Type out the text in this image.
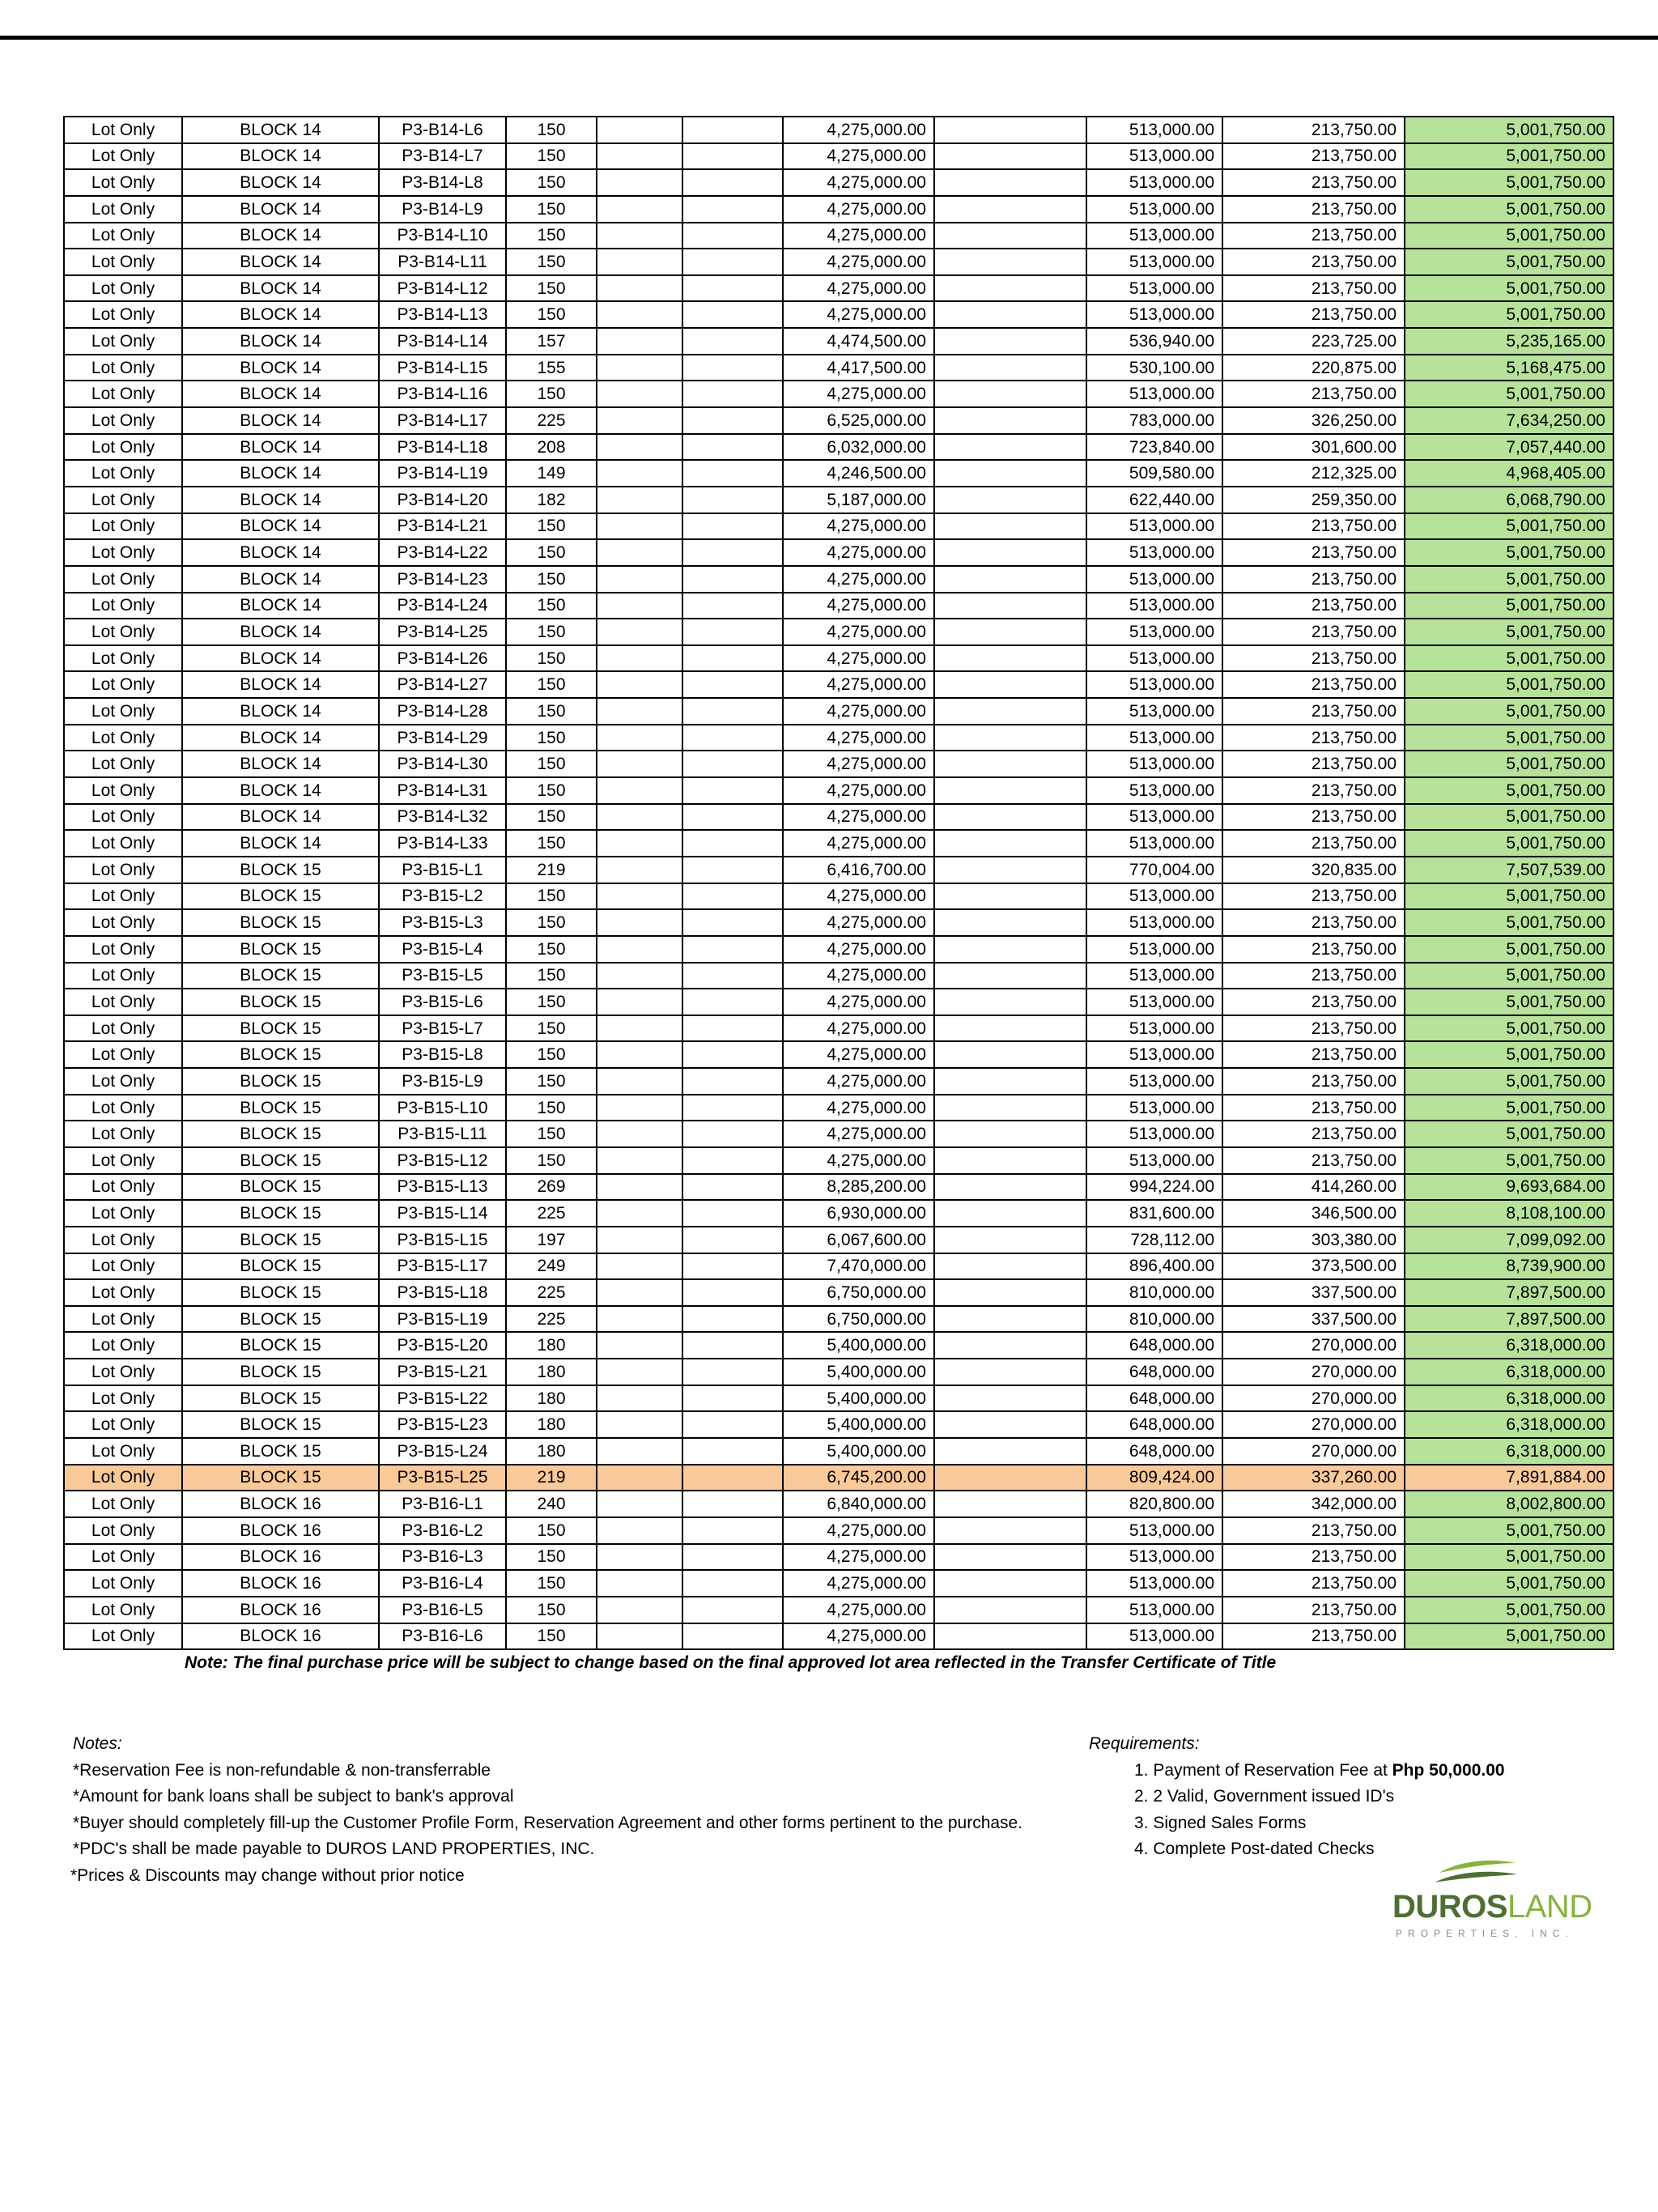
Lot Only	BLOCK 14	P3-B14-L6	150			4,275,000.00		513,000.00	213,750.00	5,001,750.00
Lot Only	BLOCK 14	P3-B14-L7	150			4,275,000.00		513,000.00	213,750.00	5,001,750.00
Lot Only	BLOCK 14	P3-B14-L8	150			4,275,000.00		513,000.00	213,750.00	5,001,750.00
Lot Only	BLOCK 14	P3-B14-L9	150			4,275,000.00		513,000.00	213,750.00	5,001,750.00
Lot Only	BLOCK 14	P3-B14-L10	150			4,275,000.00		513,000.00	213,750.00	5,001,750.00
Lot Only	BLOCK 14	P3-B14-L11	150			4,275,000.00		513,000.00	213,750.00	5,001,750.00
Lot Only	BLOCK 14	P3-B14-L12	150			4,275,000.00		513,000.00	213,750.00	5,001,750.00
Lot Only	BLOCK 14	P3-B14-L13	150			4,275,000.00		513,000.00	213,750.00	5,001,750.00
Lot Only	BLOCK 14	P3-B14-L14	157			4,474,500.00		536,940.00	223,725.00	5,235,165.00
Lot Only	BLOCK 14	P3-B14-L15	155			4,417,500.00		530,100.00	220,875.00	5,168,475.00
Lot Only	BLOCK 14	P3-B14-L16	150			4,275,000.00		513,000.00	213,750.00	5,001,750.00
Lot Only	BLOCK 14	P3-B14-L17	225			6,525,000.00		783,000.00	326,250.00	7,634,250.00
Lot Only	BLOCK 14	P3-B14-L18	208			6,032,000.00		723,840.00	301,600.00	7,057,440.00
Lot Only	BLOCK 14	P3-B14-L19	149			4,246,500.00		509,580.00	212,325.00	4,968,405.00
Lot Only	BLOCK 14	P3-B14-L20	182			5,187,000.00		622,440.00	259,350.00	6,068,790.00
Lot Only	BLOCK 14	P3-B14-L21	150			4,275,000.00		513,000.00	213,750.00	5,001,750.00
Lot Only	BLOCK 14	P3-B14-L22	150			4,275,000.00		513,000.00	213,750.00	5,001,750.00
Lot Only	BLOCK 14	P3-B14-L23	150			4,275,000.00		513,000.00	213,750.00	5,001,750.00
Lot Only	BLOCK 14	P3-B14-L24	150			4,275,000.00		513,000.00	213,750.00	5,001,750.00
Lot Only	BLOCK 14	P3-B14-L25	150			4,275,000.00		513,000.00	213,750.00	5,001,750.00
Lot Only	BLOCK 14	P3-B14-L26	150			4,275,000.00		513,000.00	213,750.00	5,001,750.00
Lot Only	BLOCK 14	P3-B14-L27	150			4,275,000.00		513,000.00	213,750.00	5,001,750.00
Lot Only	BLOCK 14	P3-B14-L28	150			4,275,000.00		513,000.00	213,750.00	5,001,750.00
Lot Only	BLOCK 14	P3-B14-L29	150			4,275,000.00		513,000.00	213,750.00	5,001,750.00
Lot Only	BLOCK 14	P3-B14-L30	150			4,275,000.00		513,000.00	213,750.00	5,001,750.00
Lot Only	BLOCK 14	P3-B14-L31	150			4,275,000.00		513,000.00	213,750.00	5,001,750.00
Lot Only	BLOCK 14	P3-B14-L32	150			4,275,000.00		513,000.00	213,750.00	5,001,750.00
Lot Only	BLOCK 14	P3-B14-L33	150			4,275,000.00		513,000.00	213,750.00	5,001,750.00
Lot Only	BLOCK 15	P3-B15-L1	219			6,416,700.00		770,004.00	320,835.00	7,507,539.00
Lot Only	BLOCK 15	P3-B15-L2	150			4,275,000.00		513,000.00	213,750.00	5,001,750.00
Lot Only	BLOCK 15	P3-B15-L3	150			4,275,000.00		513,000.00	213,750.00	5,001,750.00
Lot Only	BLOCK 15	P3-B15-L4	150			4,275,000.00		513,000.00	213,750.00	5,001,750.00
Lot Only	BLOCK 15	P3-B15-L5	150			4,275,000.00		513,000.00	213,750.00	5,001,750.00
Lot Only	BLOCK 15	P3-B15-L6	150			4,275,000.00		513,000.00	213,750.00	5,001,750.00
Lot Only	BLOCK 15	P3-B15-L7	150			4,275,000.00		513,000.00	213,750.00	5,001,750.00
Lot Only	BLOCK 15	P3-B15-L8	150			4,275,000.00		513,000.00	213,750.00	5,001,750.00
Lot Only	BLOCK 15	P3-B15-L9	150			4,275,000.00		513,000.00	213,750.00	5,001,750.00
Lot Only	BLOCK 15	P3-B15-L10	150			4,275,000.00		513,000.00	213,750.00	5,001,750.00
Lot Only	BLOCK 15	P3-B15-L11	150			4,275,000.00		513,000.00	213,750.00	5,001,750.00
Lot Only	BLOCK 15	P3-B15-L12	150			4,275,000.00		513,000.00	213,750.00	5,001,750.00
Lot Only	BLOCK 15	P3-B15-L13	269			8,285,200.00		994,224.00	414,260.00	9,693,684.00
Lot Only	BLOCK 15	P3-B15-L14	225			6,930,000.00		831,600.00	346,500.00	8,108,100.00
Lot Only	BLOCK 15	P3-B15-L15	197			6,067,600.00		728,112.00	303,380.00	7,099,092.00
Lot Only	BLOCK 15	P3-B15-L17	249			7,470,000.00		896,400.00	373,500.00	8,739,900.00
Lot Only	BLOCK 15	P3-B15-L18	225			6,750,000.00		810,000.00	337,500.00	7,897,500.00
Lot Only	BLOCK 15	P3-B15-L19	225			6,750,000.00		810,000.00	337,500.00	7,897,500.00
Lot Only	BLOCK 15	P3-B15-L20	180			5,400,000.00		648,000.00	270,000.00	6,318,000.00
Lot Only	BLOCK 15	P3-B15-L21	180			5,400,000.00		648,000.00	270,000.00	6,318,000.00
Lot Only	BLOCK 15	P3-B15-L22	180			5,400,000.00		648,000.00	270,000.00	6,318,000.00
Lot Only	BLOCK 15	P3-B15-L23	180			5,400,000.00		648,000.00	270,000.00	6,318,000.00
Lot Only	BLOCK 15	P3-B15-L24	180			5,400,000.00		648,000.00	270,000.00	6,318,000.00
Lot Only	BLOCK 15	P3-B15-L25	219			6,745,200.00		809,424.00	337,260.00	7,891,884.00
Lot Only	BLOCK 16	P3-B16-L1	240			6,840,000.00		820,800.00	342,000.00	8,002,800.00
Lot Only	BLOCK 16	P3-B16-L2	150			4,275,000.00		513,000.00	213,750.00	5,001,750.00
Lot Only	BLOCK 16	P3-B16-L3	150			4,275,000.00		513,000.00	213,750.00	5,001,750.00
Lot Only	BLOCK 16	P3-B16-L4	150			4,275,000.00		513,000.00	213,750.00	5,001,750.00
Lot Only	BLOCK 16	P3-B16-L5	150			4,275,000.00		513,000.00	213,750.00	5,001,750.00
Lot Only	BLOCK 16	P3-B16-L6	150			4,275,000.00		513,000.00	213,750.00	5,001,750.00
Note: The final purchase price will be subject to change based on the final approved lot area reflected in the Transfer Certificate of Title
Notes:
*Reservation Fee is non-refundable & non-transferrable
*Amount for bank loans shall be subject to bank's approval
*Buyer should completely fill-up the Customer Profile Form, Reservation Agreement and other forms pertinent to the purchase.
*PDC's shall be made payable to DUROS LAND PROPERTIES, INC.
*Prices & Discounts may change without prior notice
Requirements:
1. Payment of Reservation Fee at Php 50,000.00
2. 2 Valid, Government issued ID's
3. Signed Sales Forms
4. Complete Post-dated Checks
DUROSLAND
PROPERTIES, INC.
